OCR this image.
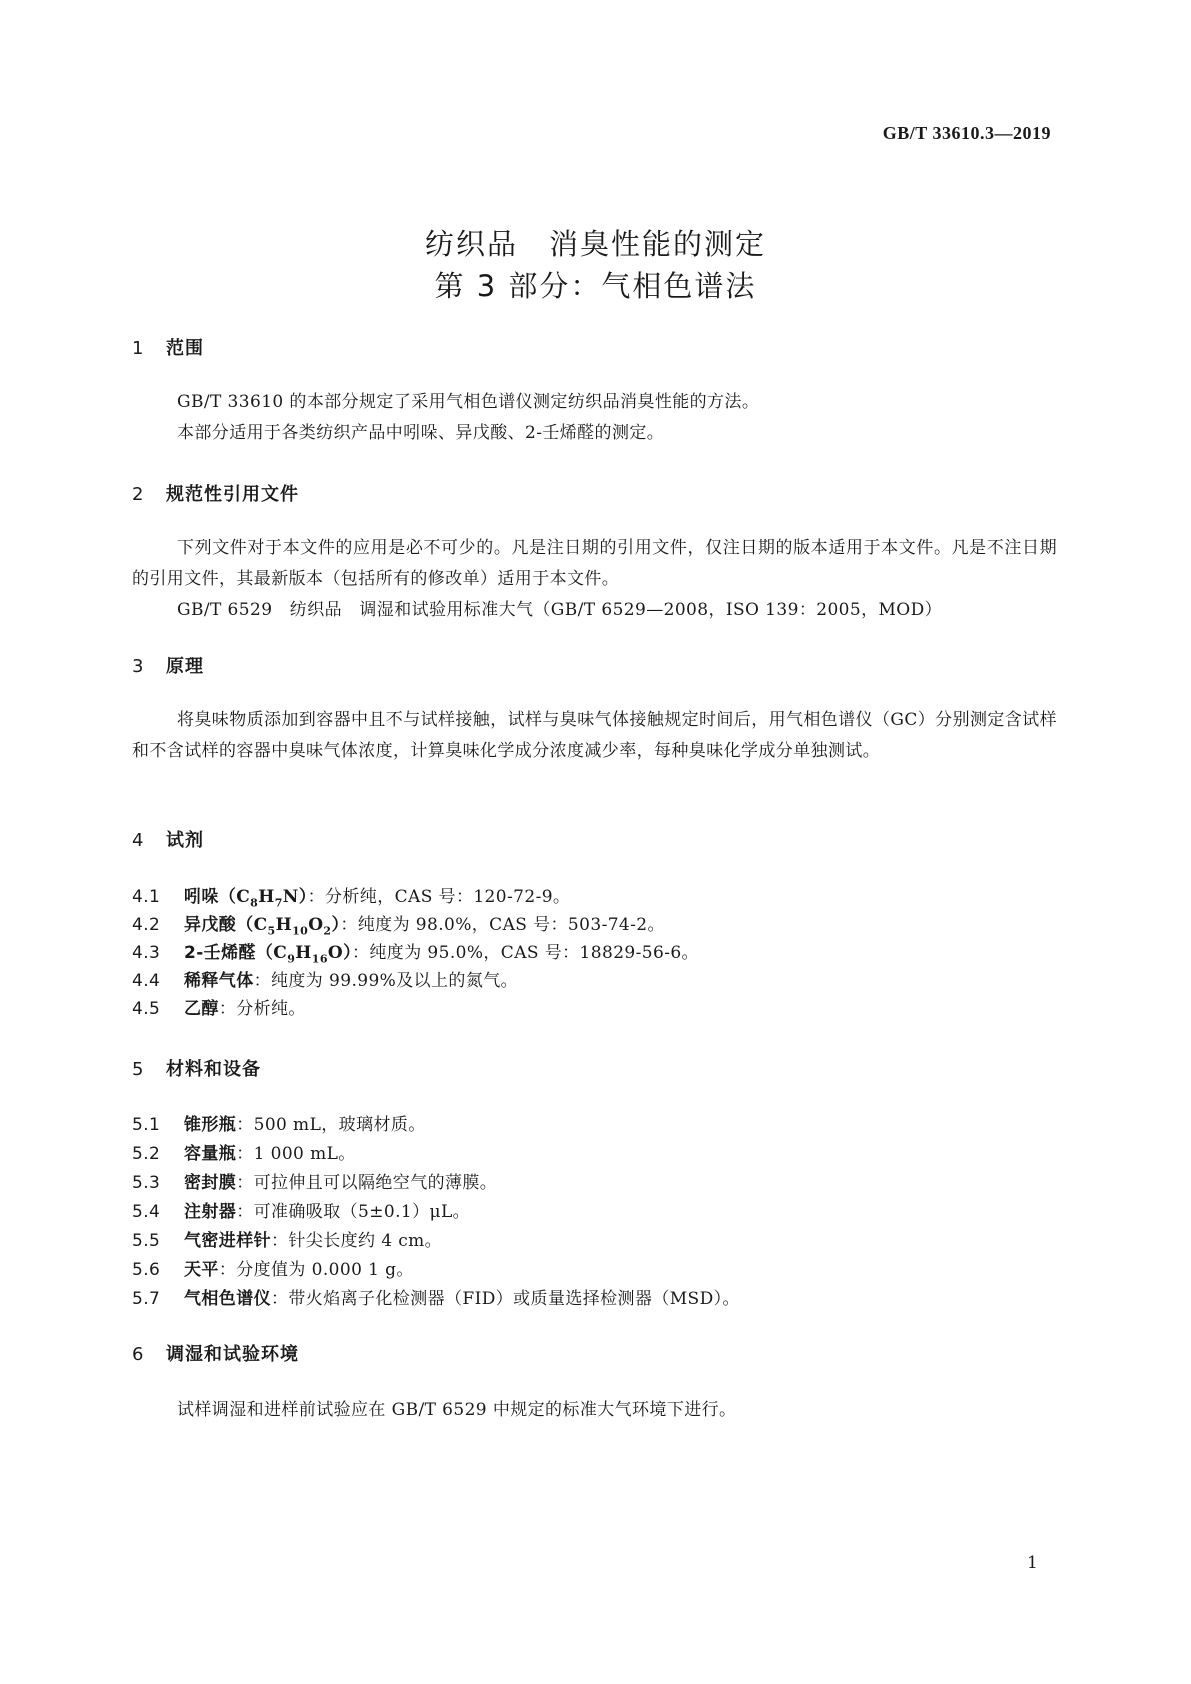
GB/T 33610.3—2019
纺织品　消臭性能的测定
第 3 部分：气相色谱法
1 范围

GB/T 33610 的本部分规定了采用气相色谱仪测定纺织品消臭性能的方法。

本部分适用于各类纺织产品中吲哚、异戊酸、2-壬烯醛的测定。

2 规范性引用文件

下列文件对于本文件的应用是必不可少的。凡是注日期的引用文件，仅注日期的版本适用于本文件。凡是不注日期的引用文件，其最新版本（包括所有的修改单）适用于本文件。

GB/T 6529　纺织品　调湿和试验用标准大气（GB/T 6529—2008，ISO 139：2005，MOD）

3 原理

将臭味物质添加到容器中且不与试样接触，试样与臭味气体接触规定时间后，用气相色谱仪（GC）分别测定含试样和不含试样的容器中臭味气体浓度，计算臭味化学成分浓度减少率，每种臭味化学成分单独测试。

4 试剂
4.1 吲哚$(C_8H_7N)$：分析纯，CAS 号：120-72-9。
4.2 异戊酸$(C_5H_{10}O_2)$：纯度为 98.0%，CAS 号：503-74-2。
4.3 2-壬烯醛$(C_9H_{16}O)$：纯度为 95.0%，CAS 号：18829-56-6。
4.4 稀释气体：纯度为 99.99%及以上的氮气。
4.5 乙醇：分析纯。
5 材料和设备
5.1 锥形瓶：500 mL，玻璃材质。
5.2 容量瓶：1 000 mL。
5.3 密封膜：可拉伸且可以隔绝空气的薄膜。
5.4 注射器：可准确吸取（5±0.1）μL。
5.5 气密进样针：针尖长度约 4 cm。
5.6 天平：分度值为 0.000 1 g。
5.7 气相色谱仪：带火焰离子化检测器（FID）或质量选择检测器（MSD）。
6 调湿和试验环境

试样调湿和进样前试验应在 GB/T 6529 中规定的标准大气环境下进行。

1
